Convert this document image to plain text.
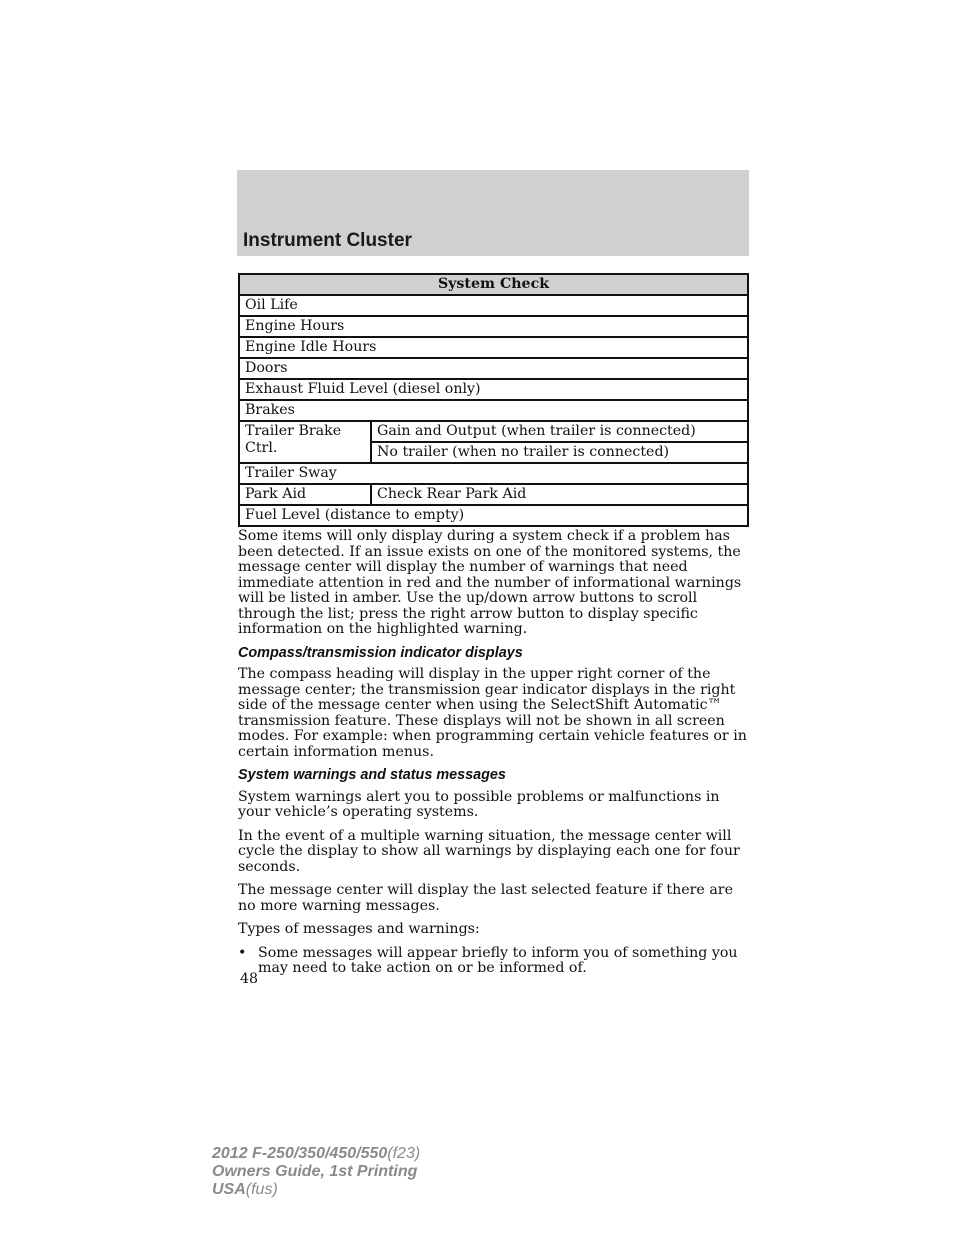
Instrument Cluster
System Check	
Oil Life	
Engine Hours	
Engine Idle Hours	
Doors	
Exhaust Fluid Level (diesel only)	
Brakes	
Trailer Brake Ctrl.	Gain and Output (when trailer is connected)
	No trailer (when no trailer is connected)
Trailer Sway	
Park Aid	Check Rear Park Aid
Fuel Level (distance to empty)	

Some items will only display during a system check if a problem has been detected. If an issue exists on one of the monitored systems, the message center will display the number of warnings that need immediate attention in red and the number of informational warnings will be listed in amber. Use the up/down arrow buttons to scroll through the list; press the right arrow button to display specific information on the highlighted warning.

Compass/transmission indicator displays

The compass heading will display in the upper right corner of the message center; the transmission gear indicator displays in the right side of the message center when using the SelectShift Automatic™ transmission feature. These displays will not be shown in all screen modes. For example: when programming certain vehicle features or in certain information menus.

System warnings and status messages

System warnings alert you to possible problems or malfunctions in your vehicle’s operating systems.

In the event of a multiple warning situation, the message center will cycle the display to show all warnings by displaying each one for four seconds.

The message center will display the last selected feature if there are no more warning messages.

Types of messages and warnings:

• Some messages will appear briefly to inform you of something you may need to take action on or be informed of.
48
2012 F-250/350/450/550(f23)
Owners Guide, 1st Printing
USA(fus)
